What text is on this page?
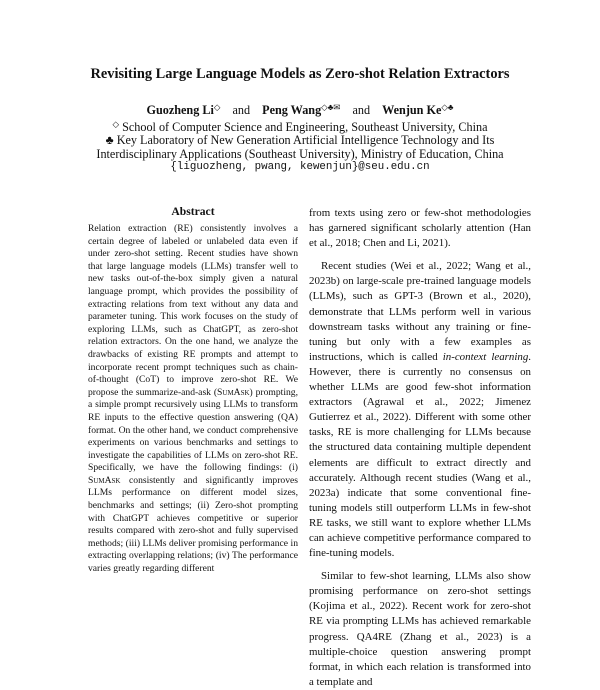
Revisiting Large Language Models as Zero-shot Relation Extractors
Guozheng Li◇ and Peng Wang◇♣✉ and Wenjun Ke◇♣
◇ School of Computer Science and Engineering, Southeast University, China
♣ Key Laboratory of New Generation Artificial Intelligence Technology and Its
Interdisciplinary Applications (Southeast University), Ministry of Education, China
{liguozheng, pwang, kewenjun}@seu.edu.cn
Abstract

Relation extraction (RE) consistently involves a certain degree of labeled or unlabeled data even if under zero-shot setting. Recent studies have shown that large language models (LLMs) transfer well to new tasks out-of-the-box simply given a natural language prompt, which provides the possibility of extracting relations from text without any data and parameter tuning. This work focuses on the study of exploring LLMs, such as ChatGPT, as zero-shot relation extractors. On the one hand, we analyze the drawbacks of existing RE prompts and attempt to incorporate recent prompt techniques such as chain-of-thought (CoT) to improve zero-shot RE. We propose the summarize-and-ask (SumAsk) prompting, a simple prompt recursively using LLMs to transform RE inputs to the effective question answering (QA) format. On the other hand, we conduct comprehensive experiments on various benchmarks and settings to investigate the capabilities of LLMs on zero-shot RE. Specifically, we have the following findings: (i) SumAsk consistently and significantly improves LLMs performance on different model sizes, benchmarks and settings; (ii) Zero-shot prompting with ChatGPT achieves competitive or superior results compared with zero-shot and fully supervised methods; (iii) LLMs deliver promising performance in extracting overlapping relations; (iv) The performance varies greatly regarding different

from texts using zero or few-shot methodologies has garnered significant scholarly attention (Han et al., 2018; Chen and Li, 2021).

Recent studies (Wei et al., 2022; Wang et al., 2023b) on large-scale pre-trained language models (LLMs), such as GPT-3 (Brown et al., 2020), demonstrate that LLMs perform well in various downstream tasks without any training or fine-tuning but only with a few examples as instructions, which is called in-context learning. However, there is currently no consensus on whether LLMs are good few-shot information extractors (Agrawal et al., 2022; Jimenez Gutierrez et al., 2022). Different with some other tasks, RE is more challenging for LLMs because the structured data containing multiple dependent elements are difficult to extract directly and accurately. Although recent studies (Wang et al., 2023a) indicate that some conventional fine-tuning models still outperform LLMs in few-shot RE tasks, we still want to explore whether LLMs can achieve competitive performance compared to fine-tuning models.

Similar to few-shot learning, LLMs also show promising performance on zero-shot settings (Kojima et al., 2022). Recent work for zero-shot RE via prompting LLMs has achieved remarkable progress. QA4RE (Zhang et al., 2023) is a multiple-choice question answering prompt format, in which each relation is transformed into a template and
